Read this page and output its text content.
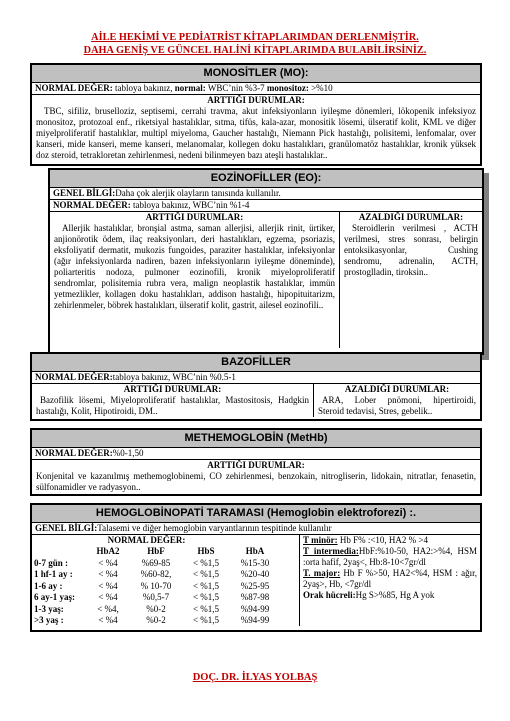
AİLE HEKİMİ VE PEDİATRİST KİTAPLARIMDAN DERLENMİŞTİR.
DAHA GENİŞ VE GÜNCEL HALİNİ KİTAPLARIMDA BULABİLİRSİNİZ.
MONOSİTLER (MO):
NORMAL DEĞER: tabloya bakınız, normal: WBC’nin %3-7 monositoz: >%10
ARTTIĞI DURUMLAR:
TBC, sifiliz, bruselloziz, septisemi, cerrahi travma, akut infeksiyonların iyileşme dönemleri, lökopenik infeksiyoz monositoz, protozoal enf., riketsiyal hastalıklar, sıtma, tifüs, kala-azar, monositik lösemi, ülseratif kolit, KML ve diğer miyelproliferatif hastalıklar, multipl miyeloma, Gaucher hastalığı, Niemann Pick hastalığı, polisitemi, lenfomalar, over kanseri, mide kanseri, meme kanseri, melanomalar, kollegen doku hastalıkları, granülomatöz hastalıklar, kronik yüksek doz steroid, tetrakloretan zehirlenmesi, nedeni bilinmeyen bazı ateşli hastalıklar..
EOZİNOFİLLER (EO):
GENEL BİLGİ:Daha çok alerjik olayların tanısında kullanılır.
NORMAL DEĞER: tabloya bakınız, WBC’nin %1-4
ARTTIĞI DURUMLAR:
Allerjik hastalıklar, bronşial astma, saman allerjisi, allerjik rinit, ürtiker, anjionörotik ödem, ilaç reaksiyonları, deri hastalıkları, egzema, psoriazis, eksfoliyatif dermatit, mukozis fungoides, paraziter hastalıklar, infeksiyonlar (ağır infeksiyonlarda nadiren, bazen infeksiyonların iyileşme döneminde), poliarteritis nodoza, pulmoner eozinofili, kronik miyeloproliferatif sendromlar, polisitemia rubra vera, malign neoplastik hastalıklar, immün yetmezlikler, kollagen doku hastalıkları, addison hastalığı, hipopituitarizm, zehirlenmeler, böbrek hastalıkları, ülseratif kolit, gastrit, ailesel eozinofili..
AZALDIĞI DURUMLAR:
Steroidlerin verilmesi , ACTH verilmesi, stres sonrası, belirgin entoksikasyonlar, Cushing sendromu, adrenalin, ACTH, prostoglladin, tiroksin..
BAZOFİLLER
NORMAL DEĞER:tabloya bakınız, WBC’nin %0.5-1
ARTTIĞI DURUMLAR:
Bazofilik lösemi, Miyeloproliferatif hastalıklar, Mastositosis, Hadgkin hastalığı, Kolit, Hipotiroidi, DM..
AZALDIĞI DURUMLAR:
ARA, Lober pnömoni, hipertiroidi, Steroid tedavisi, Stres, gebelik..
METHEMOGLOBİN (MetHb)
NORMAL DEĞER:%0-1,50
ARTTIĞI DURUMLAR:
Konjenital ve kazanılmış methemoglobinemi, CO zehirlenmesi, benzokain, nitrogliserin, lidokain, nitratlar, fenasetin, sülfonamidler ve radyasyon..
HEMOGLOBİNOPATİ TARAMASI (Hemoglobin elektroforezi) :.
GENEL BİLGİ:Talasemi ve diğer hemoglobin varyantlarının tespitinde kullanılır
NORMAL DEĞER:
	HbA2	HbF	HbS	HbA
0-7 gün :	< %4	%69-85	< %1,5	%15-30
1 hf-1 ay :	< %4	%60-82,	< %1,5	%20-40
1-6 ay :	< %4	% 10-70	< %1,5	%25-95
6 ay-1 yaş:	< %4	%0,5-7	< %1,5	%87-98
1-3 yaş:	< %4,	%0-2	< %1,5	%94-99
>3 yaş :	< %4	%0-2	< %1,5	%94-99
T minör: Hb F% :<10, HA2 % >4
T intermedia:HbF:%10-50, HA2:>%4, HSM :orta hafif, 2yaş<, Hb:8-10<7gr/dl
T. major: Hb F %>50, HA2<%4, HSM : ağır, 2yaş>, Hb, <7gr/dl
Orak hücreli:Hg S>%85, Hg A yok
DOÇ. DR. İLYAS YOLBAŞ
